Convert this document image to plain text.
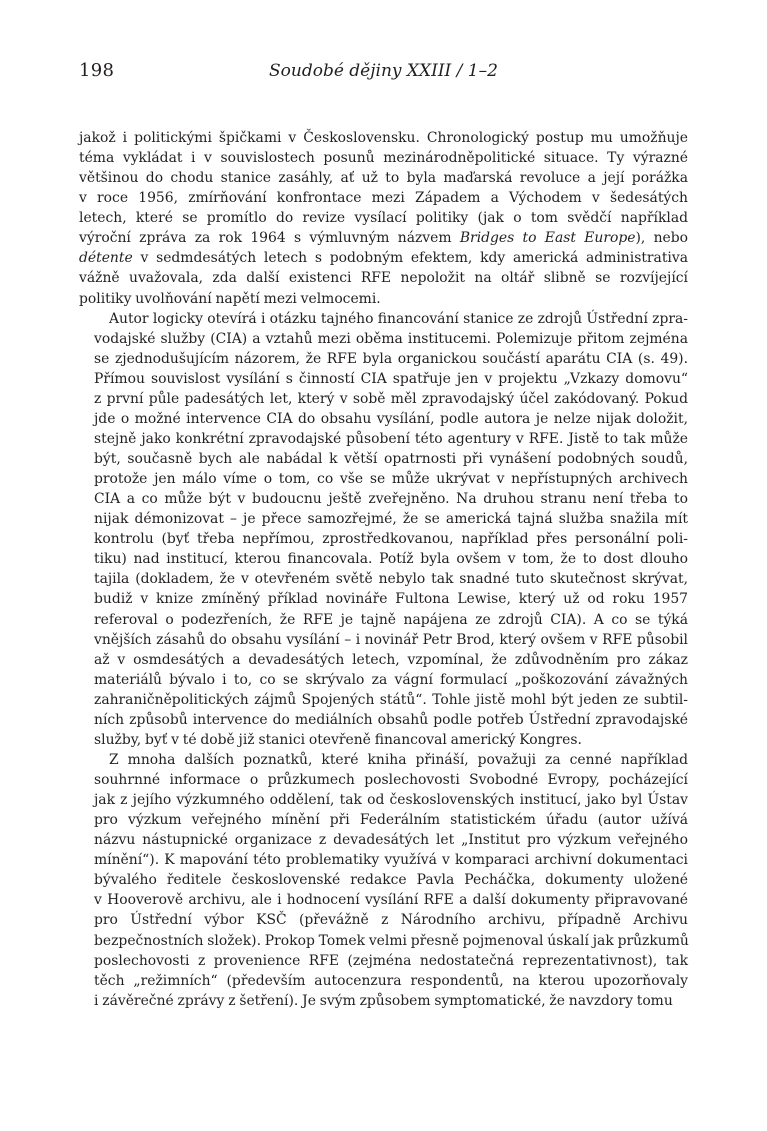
198	Soudobé dějiny XXIII / 1–2

jakož i politickými špičkami v Československu. Chronologický postup mu umožňuje
téma vykládat i v souvislostech posunů mezinárodněpolitické situace. Ty výrazné
většinou do chodu stanice zasáhly, ať už to byla maďarská revoluce a její porážka
v roce 1956, zmírňování konfrontace mezi Západem a Východem v šedesátých
letech, které se promítlo do revize vysílací politiky (jak o tom svědčí například
výroční zpráva za rok 1964 s výmluvným názvem Bridges to East Europe), nebo
détente v sedmdesátých letech s podobným efektem, kdy americká administrativa
vážně uvažovala, zda další existenci RFE nepoložit na oltář slibně se rozvíjející
politiky uvolňování napětí mezi velmocemi.

Autor logicky otevírá i otázku tajného financování stanice ze zdrojů Ústřední zpra-
vodajské služby (CIA) a vztahů mezi oběma institucemi. Polemizuje přitom zejména
se zjednodušujícím názorem, že RFE byla organickou součástí aparátu CIA (s. 49).
Přímou souvislost vysílání s činností CIA spatřuje jen v projektu „Vzkazy domovu“
z první půle padesátých let, který v sobě měl zpravodajský účel zakódovaný. Pokud
jde o možné intervence CIA do obsahu vysílání, podle autora je nelze nijak doložit,
stejně jako konkrétní zpravodajské působení této agentury v RFE. Jistě to tak může
být, současně bych ale nabádal k větší opatrnosti při vynášení podobných soudů,
protože jen málo víme o tom, co vše se může ukrývat v nepřístupných archivech
CIA a co může být v budoucnu ještě zveřejněno. Na druhou stranu není třeba to
nijak démonizovat – je přece samozřejmé, že se americká tajná služba snažila mít
kontrolu (byť třeba nepřímou, zprostředkovanou, například přes personální poli-
tiku) nad institucí, kterou financovala. Potíž byla ovšem v tom, že to dost dlouho
tajila (dokladem, že v otevřeném světě nebylo tak snadné tuto skutečnost skrývat,
budiž v knize zmíněný příklad novináře Fultona Lewise, který už od roku 1957
referoval o podezřeních, že RFE je tajně napájena ze zdrojů CIA). A co se týká
vnějších zásahů do obsahu vysílání – i novinář Petr Brod, který ovšem v RFE působil
až v osmdesátých a devadesátých letech, vzpomínal, že zdůvodněním pro zákaz
materiálů bývalo i to, co se skrývalo za vágní formulací „poškozování závažných
zahraničněpolitických zájmů Spojených států“. Tohle jistě mohl být jeden ze subtil-
ních způsobů intervence do mediálních obsahů podle potřeb Ústřední zpravodajské
služby, byť v té době již stanici otevřeně financoval americký Kongres.

Z mnoha dalších poznatků, které kniha přináší, považuji za cenné například
souhrnné informace o průzkumech poslechovosti Svobodné Evropy, pocházející
jak z jejího výzkumného oddělení, tak od československých institucí, jako byl Ústav
pro výzkum veřejného mínění při Federálním statistickém úřadu (autor užívá
názvu nástupnické organizace z devadesátých let „Institut pro výzkum veřejného
mínění“). K mapování této problematiky využívá v komparaci archivní dokumentaci
bývalého ředitele československé redakce Pavla Pecháčka, dokumenty uložené
v Hooverově archivu, ale i hodnocení vysílání RFE a další dokumenty připravované
pro Ústřední výbor KSČ (převážně z Národního archivu, případně Archivu
bezpečnostních složek). Prokop Tomek velmi přesně pojmenoval úskalí jak průzkumů
poslechovosti z provenience RFE (zejména nedostatečná reprezentativnost), tak
těch „režimních“ (především autocenzura respondentů, na kterou upozorňovaly
i závěrečné zprávy z šetření). Je svým způsobem symptomatické, že navzdory tomu
